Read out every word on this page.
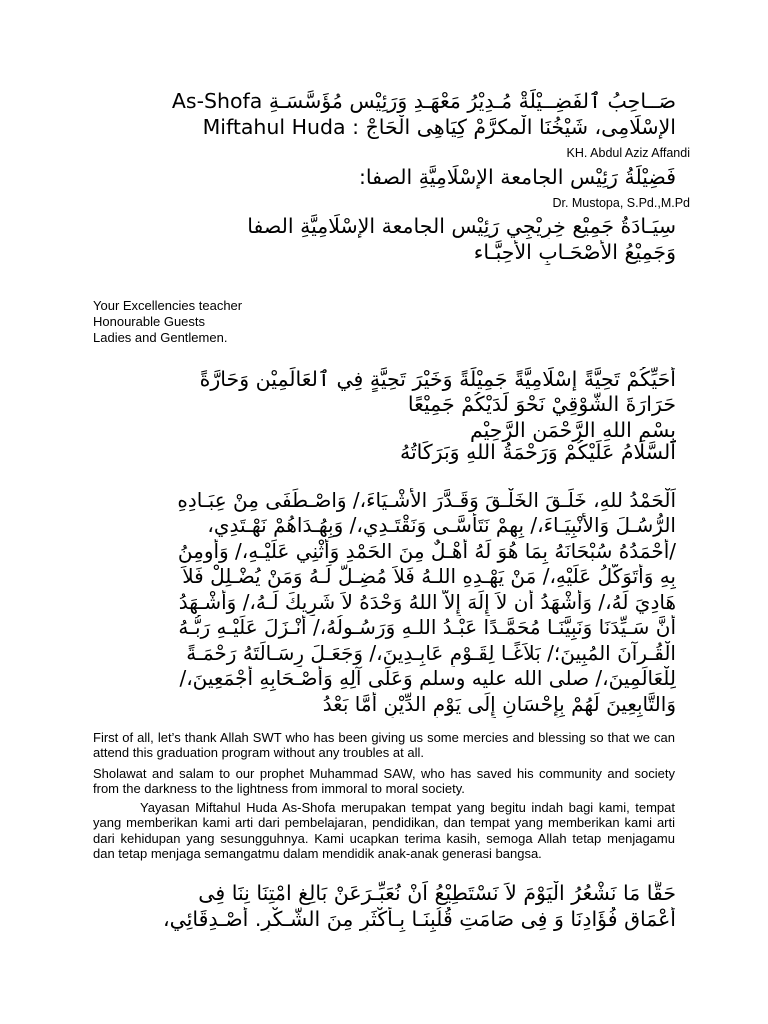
صَــاحِبُ ٱلفَضِــيْلَةْ مُـدِيْرُ مَعْهَـدِ وَرَئِيْسِ مُؤَسَّسَـةِ As-Shofa
الإسْلَامِى، شَيْخُنَا الْمكرَّمْ كِيَاهِى الْحَاجْ : Miftahul Huda
KH. Abdul Aziz Affandi
فَضِيْلَةُ رَئِيْسِ الجامعة الإِسْلَامِيَّةِ الصفا:
Dr. Mustopa, S.Pd.,M.Pd
سِيَـادَةُ جَمِيْعِ خِرِيْجِي رَئِيْسِ الجامعة الإِسْلَامِيَّةِ الصفا
وَجَمِيْعُ الأَصْحَـابِ الأَحِبَّـاء
Your Excellencies teacher
Honourable Guests
Ladies and Gentlemen.
أُحَيِّكُمْ تَحِيَّةً إِسْلَامِيَّةً جَمِيْلَةً وَخَيْرَ تَحِيَّةٍ فِي ٱلعَالَمِيْن وَحَارَّةً
حَرَارَةَ الشُّوْقِيْ نَحْوَ لَدَيْكُمْ جَمِيْعًا
بِسْمِ اللهِ الرَّحْمَنِ الرَّحِيْمِ
اَلسَّلَامُ عَلَيْكُمْ وَرَحْمَةُ اللهِ وَبَرَكَاتُهُ
اَلْحَمْدُ للهِ، خَلَـقَ الخَلْـقَ وَقَـدَّرَ الأَشْـيَاءَ،/ وَاصْـطَفَى مِنْ عِبَـادِهِ
الرُّسُـلَ وَالأَنْبِيَـاءَ،/ بِهِمْ نَتَأَسَّـى وَنَقْتَـدِي،/ وَبِهُـدَاهُمْ نَهْـتَدِي،
/أَحْمَدُهُ سُبْحَانَهُ بِمَا هُوَ لَهُ أَهْـلٌ مِنَ الحَمْدِ وَأُثْنِي عَلَيْـهِ،/ وَأُومِنُ
بِهِ وَأَتَوَكَّلُ عَلَيْهِ،/ مَنْ يَهْـدِهِ اللـهُ فَلاَ مُضِـلَّ لَـهُ وَمَنْ يُضْـلِلْ فَلاَ
هَادِيَ لَهُ،/ وَأَشْهَدُ أَن لاَ إِلَهَ إِلاَّ اللهُ وَحْدَهُ لاَ شَرِيكَ لَـهُ،/ وَأَشْـهَدُ
أَنَّ سَـيِّدَنَا وَنَبِيَّنَـا مُحَمَّـدًا عَبْـدُ اللـهِ وَرَسُـولُهُ،/ أَنْـزَلَ عَلَيْـهِ رَبُّـهُ
الْقُـرآنَ المُبِينَ؛/ بَلاَغًـا لِقَـوْمٍ عَابِـدِينَ،/ وَجَعَـلَ رِسَـالَتَهُ رَحْمَـةً
لِلْعَالَمِينَ،/ صلى الله عليه وسلم وَعَلَى آلِهِ وَأَصْـحَابِهِ أَجْمَعِينَ،/
وَالتَّابِعِينَ لَهُمْ بِإِحْسَانٍ إِلَى يَوْمِ الدِّيْنِ أَمَّا بَعْدُ
First of all, let’s thank Allah SWT who has been giving us some mercies and blessing so that we can attend this graduation program without any troubles at all.
Sholawat and salam to our prophet Muhammad SAW, who has saved his community and society from the darkness to the lightness from immoral to moral society.
Yayasan Miftahul Huda As-Shofa merupakan tempat yang begitu indah bagi kami, tempat yang memberikan kami arti dari pembelajaran, pendidikan, dan tempat yang memberikan kami arti dari kehidupan yang sesungguhnya. Kami ucapkan terima kasih, semoga Allah tetap menjagamu dan tetap menjaga semangatmu dalam mendidik anak-anak generasi bangsa.
حَقًّا مَا نَشْعُرُ الْيَوْمَ لاَ نَسْتَطِيْعُ اَنْ نُعَبِّـرَعَنْ بَالِغِ امْتِنَا نِنَا فِى
أَعْمَاقِ فُؤَادِنَا وَ فِى صَامَتِ قُلُبِنَـا بِـأَكْثَرِ مِنَ الشُّـكْرِ. أَصْـدِقَائِي،
